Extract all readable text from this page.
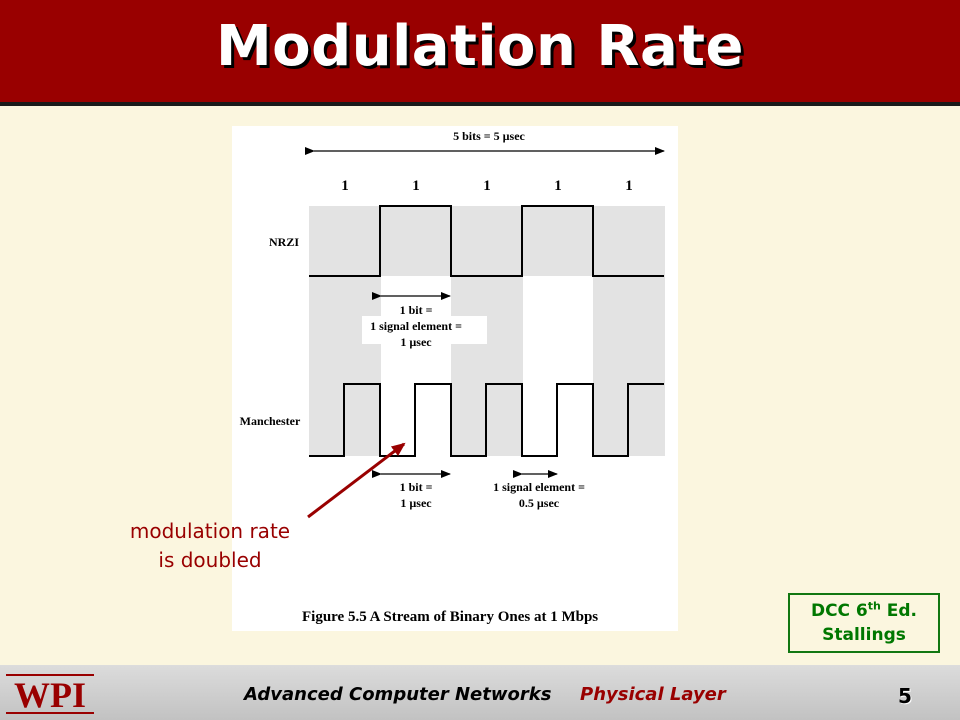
Modulation Rate
5 bits = 5 µsec
1	1	1	1	1
NRZI
Manchester
1 bit =
1 signal element =
1 µsec
1 bit =
1 µsec
1 signal element =
0.5 µsec
Figure 5.5 A Stream of Binary Ones at 1 Mbps
modulation rate
is doubled
DCC 6th Ed.
Stallings
WPI	Advanced Computer Networks Physical Layer	5
